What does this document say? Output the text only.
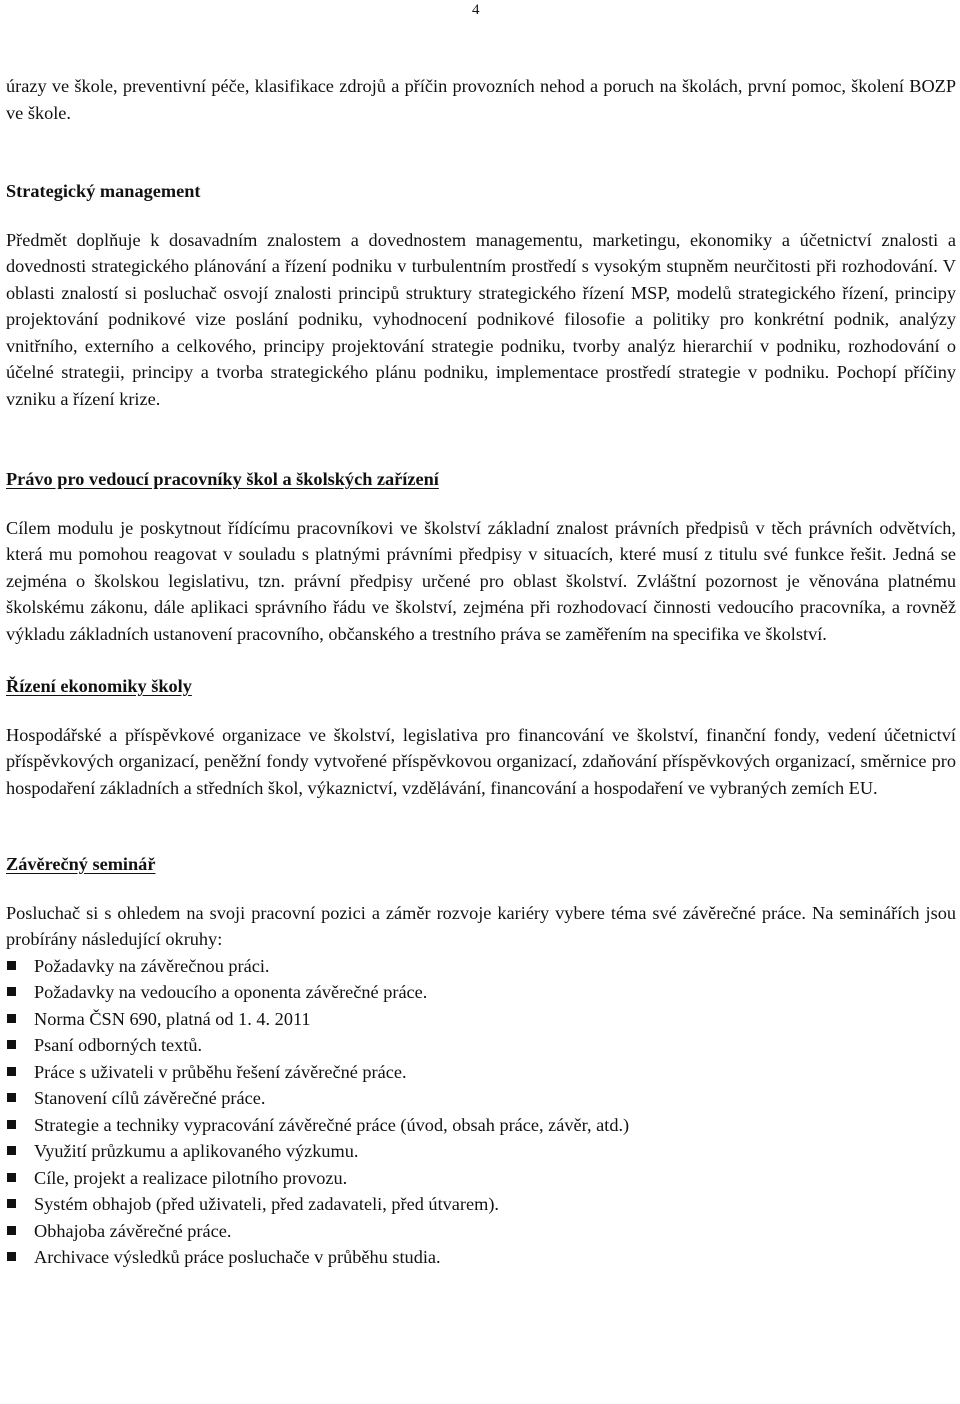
4

úrazy ve škole, preventivní péče, klasifikace zdrojů a příčin provozních nehod a poruch na školách, první pomoc, školení BOZP ve škole.

Strategický management

Předmět doplňuje k dosavadním znalostem a dovednostem managementu, marketingu, ekonomiky a účetnictví znalosti a dovednosti strategického plánování a řízení podniku v turbulentním prostředí s vysokým stupněm neurčitosti při rozhodování. V oblasti znalostí si posluchač osvojí znalosti principů struktury strategického řízení MSP, modelů strategického řízení, principy projektování podnikové vize poslání podniku, vyhodnocení podnikové filosofie a politiky pro konkrétní podnik, analýzy vnitřního, externího a celkového, principy projektování strategie podniku, tvorby analýz hierarchií v podniku, rozhodování o účelné strategii, principy a tvorba strategického plánu podniku, implementace prostředí strategie v podniku. Pochopí příčiny vzniku a řízení krize.

Právo pro vedoucí pracovníky škol a školských zařízení

Cílem modulu je poskytnout řídícímu pracovníkovi ve školství základní znalost právních předpisů v těch právních odvětvích, která mu pomohou reagovat v souladu s platnými právními předpisy v situacích, které musí z titulu své funkce řešit. Jedná se zejména o školskou legislativu, tzn. právní předpisy určené pro oblast školství. Zvláštní pozornost je věnována platnému školskému zákonu, dále aplikaci správního řádu ve školství, zejména při rozhodovací činnosti vedoucího pracovníka, a rovněž výkladu základních ustanovení pracovního, občanského a trestního práva se zaměřením na specifika ve školství.

Řízení ekonomiky školy

Hospodářské a příspěvkové organizace ve školství, legislativa pro financování ve školství, finanční fondy, vedení účetnictví příspěvkových organizací, peněžní fondy vytvořené příspěvkovou organizací, zdaňování příspěvkových organizací, směrnice pro hospodaření základních a středních škol, výkaznictví, vzdělávání, financování a hospodaření ve vybraných zemích EU.

Závěrečný seminář

Posluchač si s ohledem na svoji pracovní pozici a záměr rozvoje kariéry vybere téma své závěrečné práce. Na seminářích jsou probírány následující okruhy:

Požadavky na závěrečnou práci.
Požadavky na vedoucího a oponenta závěrečné práce.
Norma ČSN 690, platná od 1. 4. 2011
Psaní odborných textů.
Práce s uživateli v průběhu řešení závěrečné práce.
Stanovení cílů závěrečné práce.
Strategie a techniky vypracování závěrečné práce (úvod, obsah práce, závěr, atd.)
Využití průzkumu a aplikovaného výzkumu.
Cíle, projekt a realizace pilotního provozu.
Systém obhajob (před uživateli, před zadavateli, před útvarem).
Obhajoba závěrečné práce.
Archivace výsledků práce posluchače v průběhu studia.
